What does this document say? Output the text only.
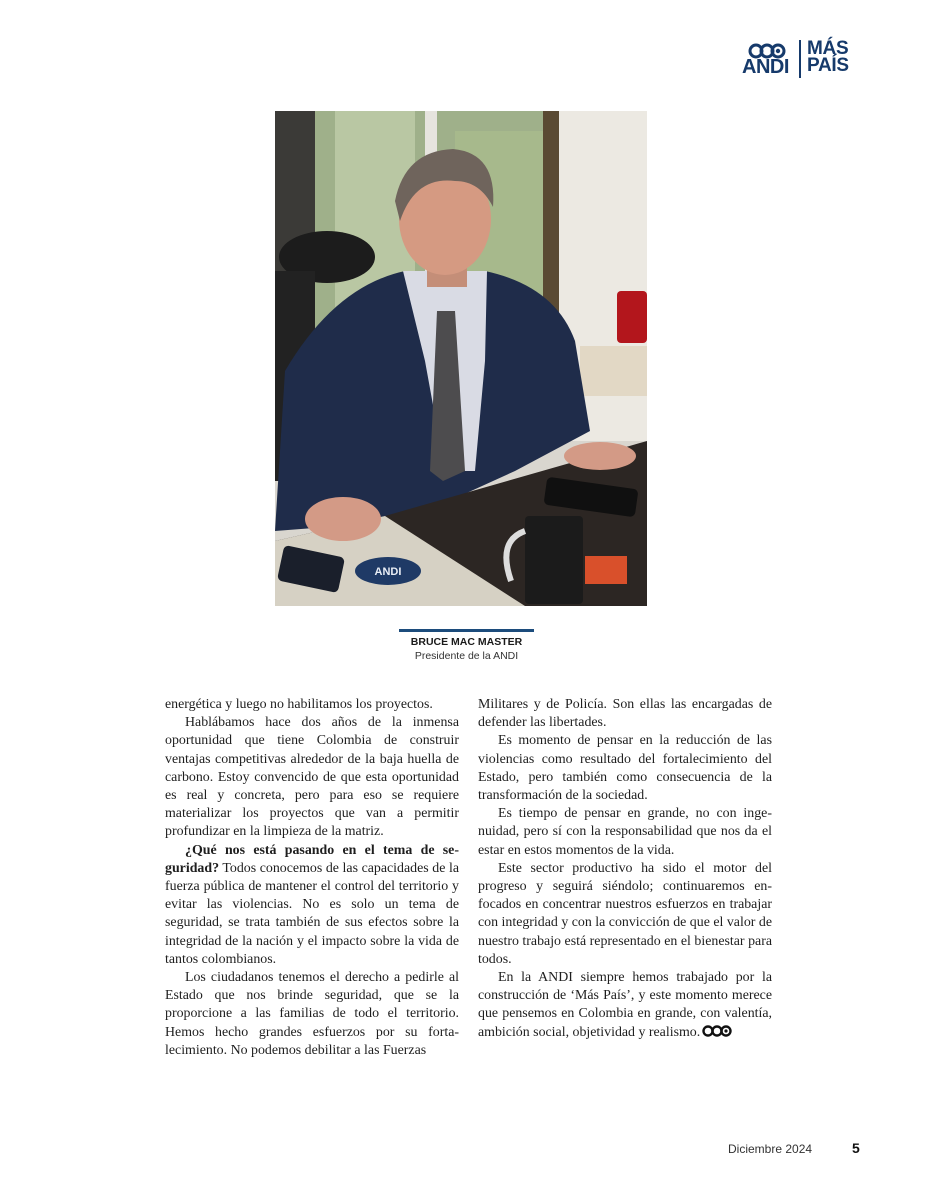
ANDI
MÁS
PAÍS
ANDI
BRUCE MAC MASTER
Presidente de la ANDI

energética y luego no habilitamos los proyectos.

Hablábamos hace dos años de la inmensa oportunidad que tiene Colombia de construir ventajas competitivas alrededor de la baja huella de carbono. Estoy convencido de que esta oportunidad es real y concreta, pero para eso se requiere materializar los proyectos que van a permitir profundizar en la limpieza de la matriz.

¿Qué nos está pasando en el tema de seguridad? Todos conocemos de las capacidades de la fuerza pública de mantener el control del territorio y evitar las violencias. No es solo un tema de seguridad, se trata también de sus efectos sobre la integridad de la nación y el impacto sobre la vida de tantos colombianos.

Los ciudadanos tenemos el derecho a pedirle al Estado que nos brinde seguridad, que se la proporcione a las familias de todo el territorio. Hemos hecho grandes esfuerzos por su fortalecimiento. No podemos debilitar a las Fuerzas

Militares y de Policía. Son ellas las encargadas de defender las libertades.

Es momento de pensar en la reducción de las violencias como resultado del fortalecimiento del Estado, pero también como consecuencia de la transformación de la sociedad.

Es tiempo de pensar en grande, no con ingenuidad, pero sí con la responsabilidad que nos da el estar en estos momentos de la vida.

Este sector productivo ha sido el motor del progreso y seguirá siéndolo; continuaremos enfocados en concentrar nuestros esfuerzos en trabajar con integridad y con la convicción de que el valor de nuestro trabajo está representado en el bienestar para todos.

En la ANDI siempre hemos trabajado por la construcción de ‘Más País’, y este momento merece que pensemos en Colombia en grande, con valentía, ambición social, objetividad y realismo.

Diciembre 2024	5
